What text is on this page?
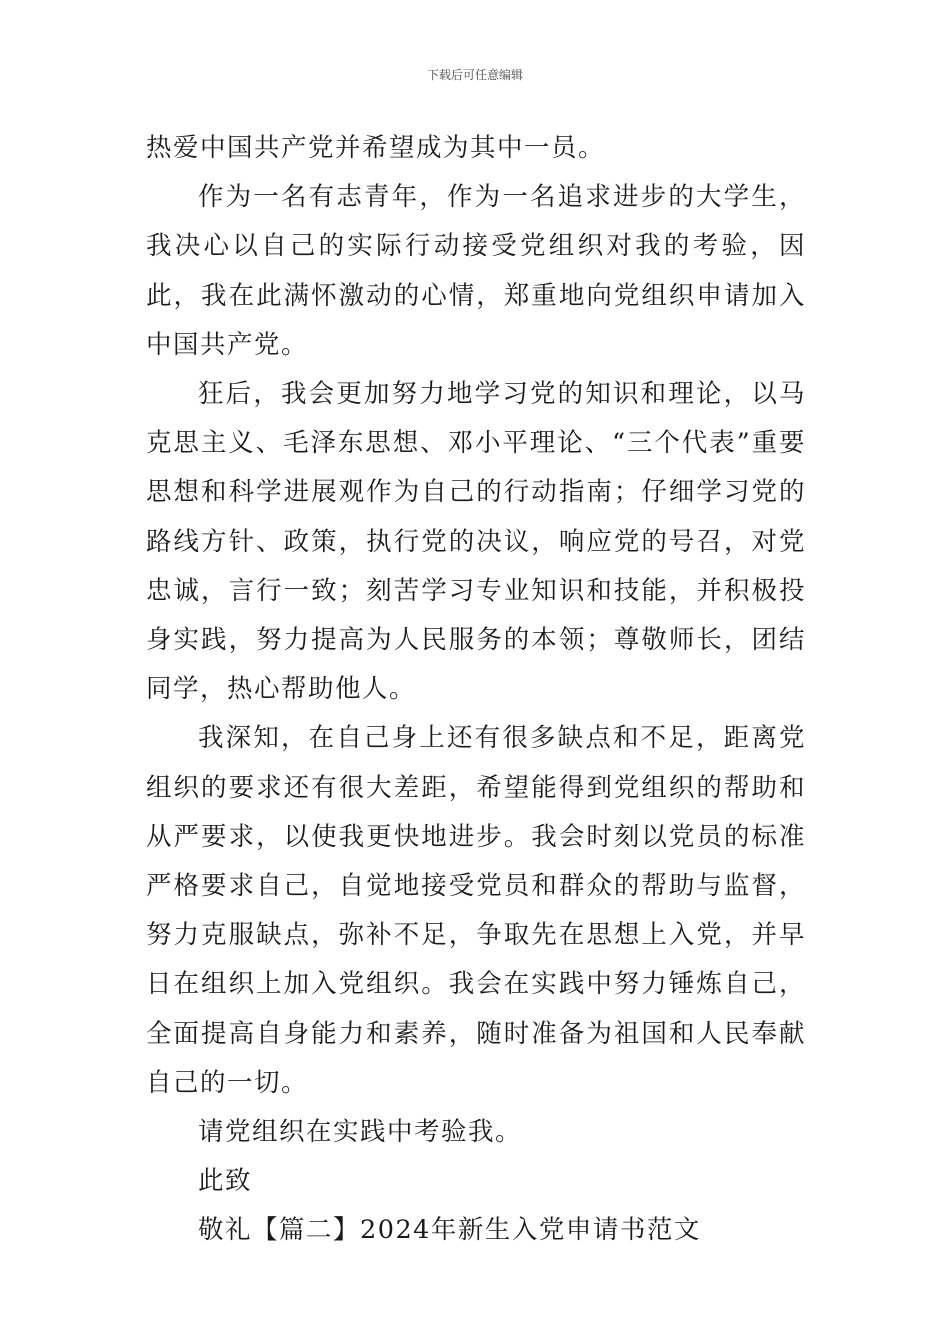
下载后可任意编辑

热爱中国共产党并希望成为其中一员。

作为一名有志青年，作为一名追求进步的大学生，我决心以自己的实际行动接受党组织对我的考验，因此，我在此满怀激动的心情，郑重地向党组织申请加入中国共产党。

狂后，我会更加努力地学习党的知识和理论，以马克思主义、毛泽东思想、邓小平理论、“三个代表”重要思想和科学进展观作为自己的行动指南；仔细学习党的路线方针、政策，执行党的决议，响应党的号召，对党忠诚，言行一致；刻苦学习专业知识和技能，并积极投身实践，努力提高为人民服务的本领；尊敬师长，团结同学，热心帮助他人。

我深知，在自己身上还有很多缺点和不足，距离党组织的要求还有很大差距，希望能得到党组织的帮助和从严要求，以使我更快地进步。我会时刻以党员的标准严格要求自己，自觉地接受党员和群众的帮助与监督，努力克服缺点，弥补不足，争取先在思想上入党，并早日在组织上加入党组织。我会在实践中努力锤炼自己，全面提高自身能力和素养，随时准备为祖国和人民奉献自己的一切。

请党组织在实践中考验我。

此致

敬礼【篇二】2024年新生入党申请书范文
